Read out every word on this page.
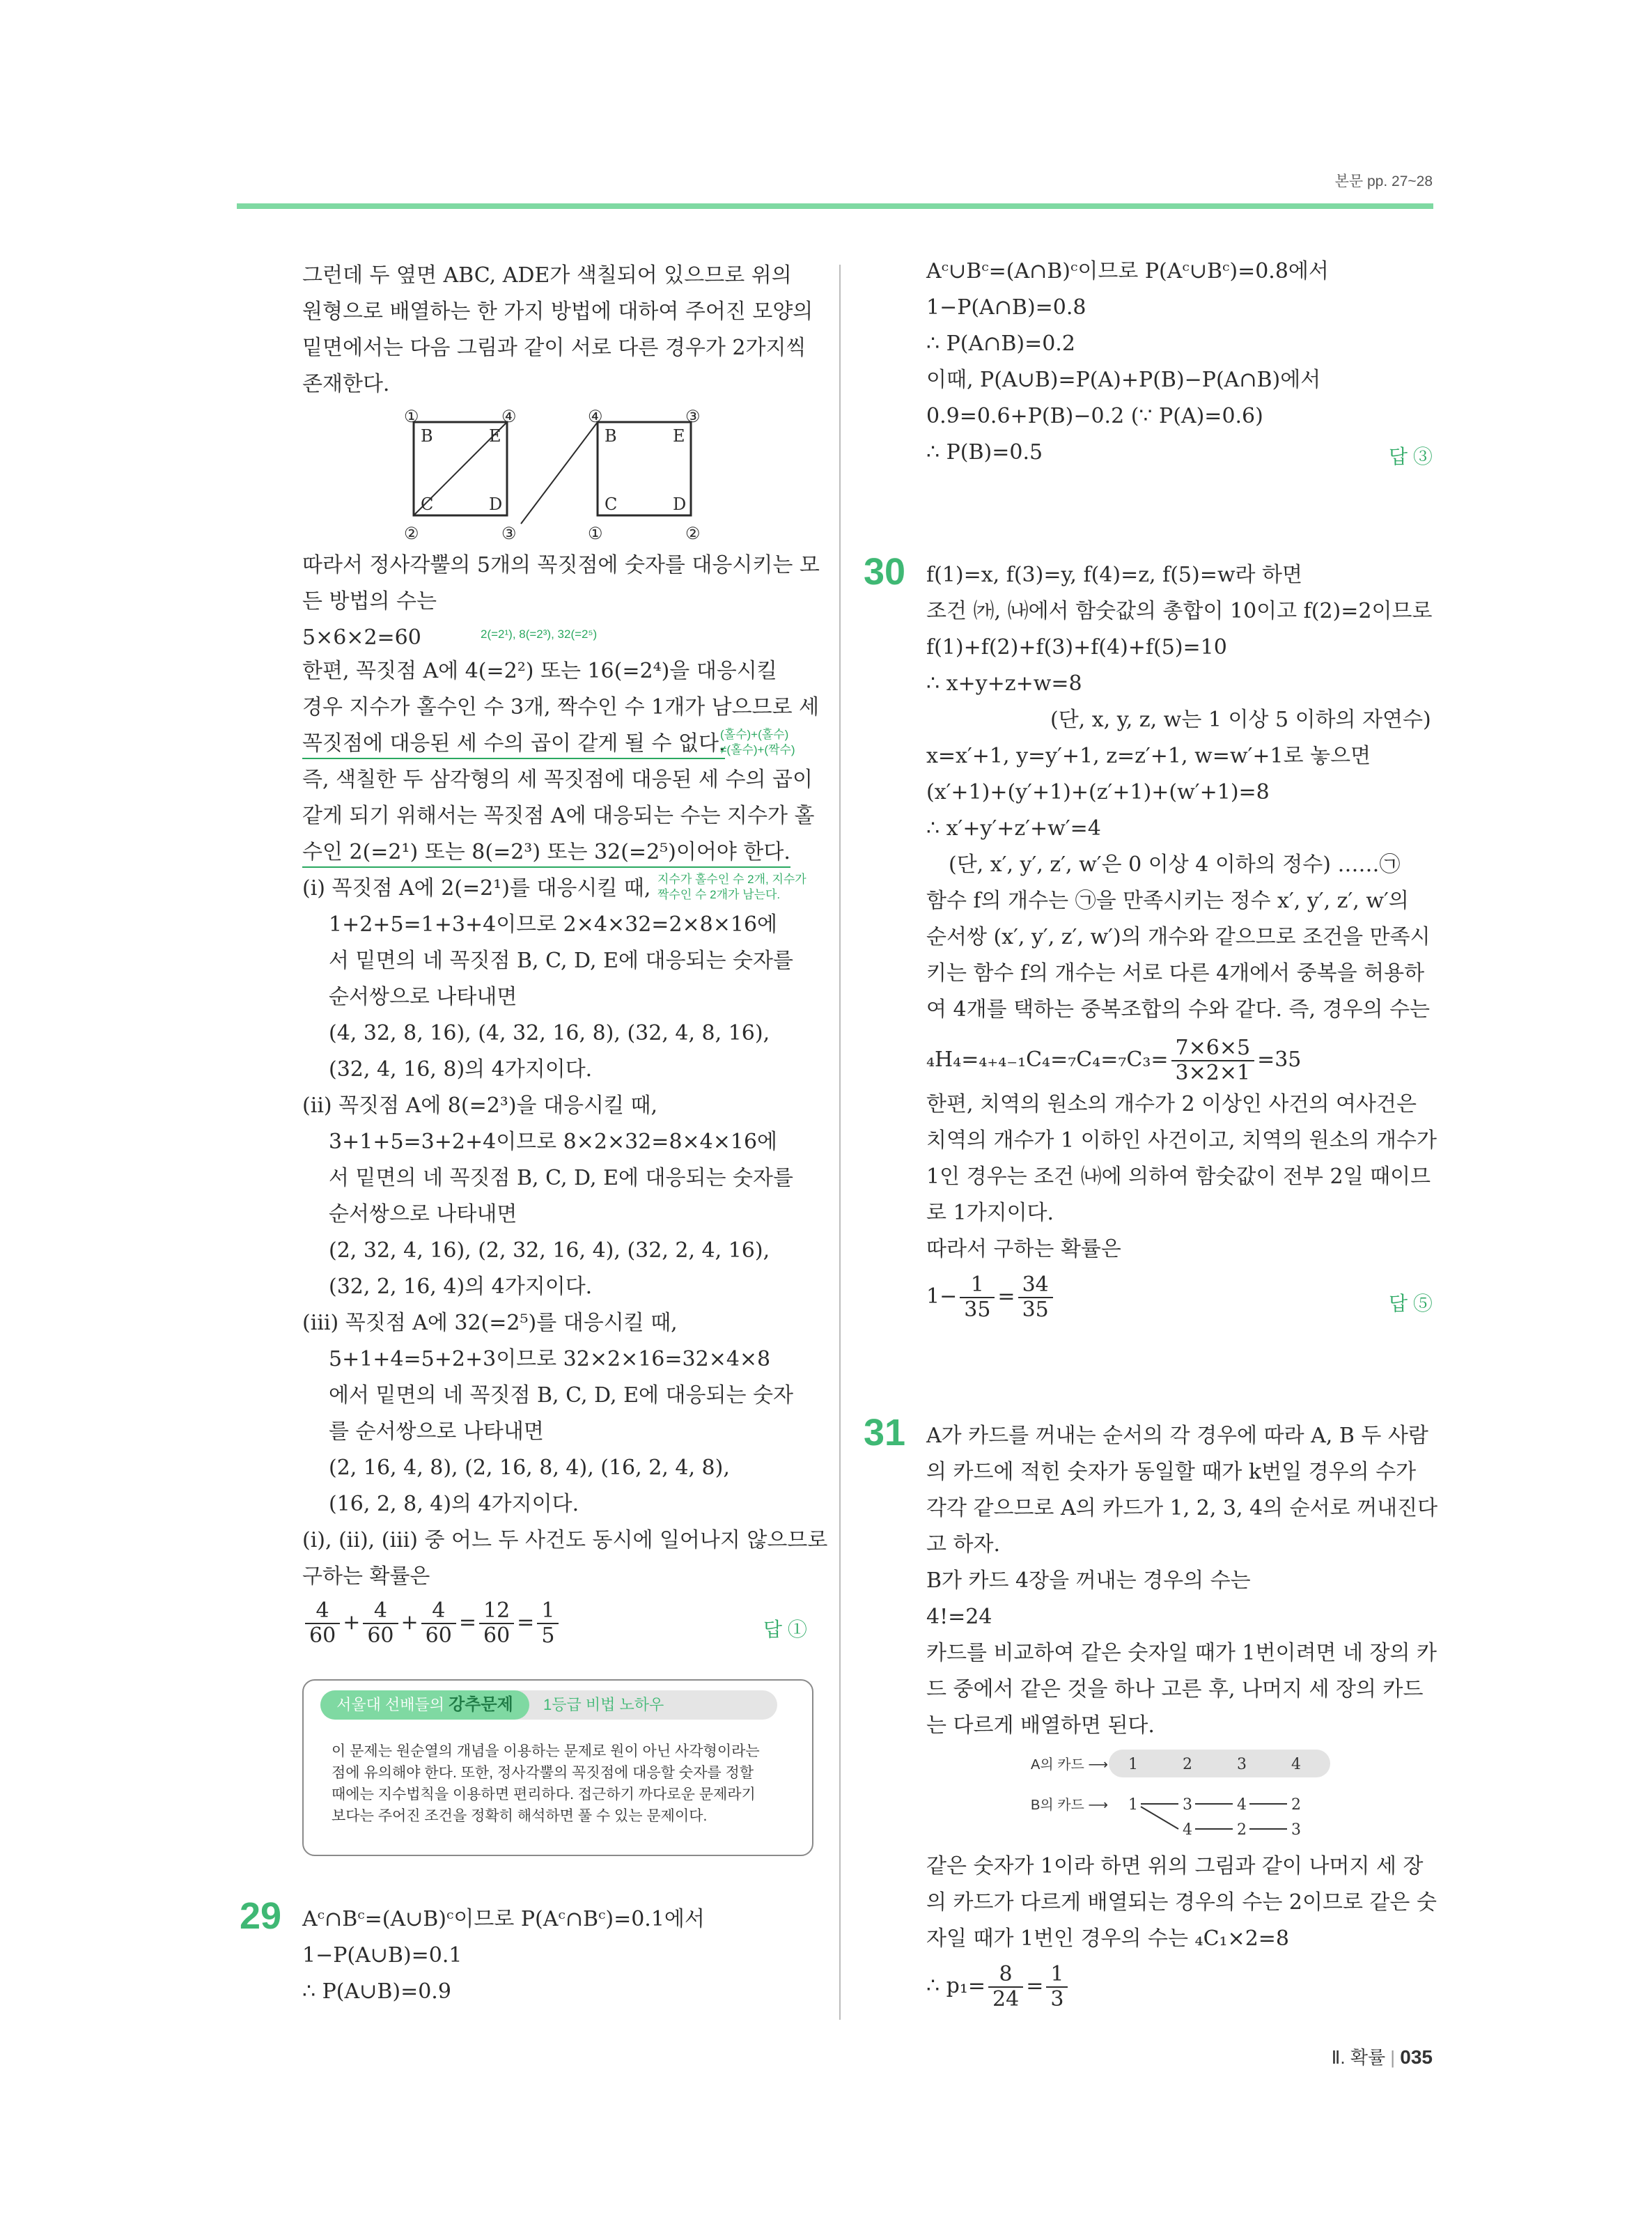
본문 pp. 27~28
그런데 두 옆면 ABC, ADE가 색칠되어 있으므로 위의
원형으로 배열하는 한 가지 방법에 대하여 주어진 모양의
밑면에서는 다음 그림과 같이 서로 다른 경우가 2가지씩
존재한다.
①	④
②	③
B	E
C	D
④	③
①	②
B	E
C	D
따라서 정사각뿔의 5개의 꼭짓점에 숫자를 대응시키는 모
든 방법의 수는
5×6×2=60	2(=2¹), 8(=2³), 32(=2⁵)
한편, 꼭짓점 A에 4(=2²) 또는 16(=2⁴)을 대응시킬
경우 지수가 홀수인 수 3개, 짝수인 수 1개가 남으므로 세
꼭짓점에 대응된 세 수의 곱이 같게 될 수 없다.
(홀수)+(홀수)
≠(홀수)+(짝수)
즉, 색칠한 두 삼각형의 세 꼭짓점에 대응된 세 수의 곱이
같게 되기 위해서는 꼭짓점 A에 대응되는 수는 지수가 홀
수인 2(=2¹) 또는 8(=2³) 또는 32(=2⁵)이어야 한다.
(ⅰ) 꼭짓점 A에 2(=2¹)를 대응시킬 때, 지수가 홀수인 수 2개, 지수가
짝수인 수 2개가 남는다.
1+2+5=1+3+4이므로 2×4×32=2×8×16에
서 밑면의 네 꼭짓점 B, C, D, E에 대응되는 숫자를
순서쌍으로 나타내면
(4, 32, 8, 16), (4, 32, 16, 8), (32, 4, 8, 16),
(32, 4, 16, 8)의 4가지이다.
(ⅱ) 꼭짓점 A에 8(=2³)을 대응시킬 때,
3+1+5=3+2+4이므로 8×2×32=8×4×16에
서 밑면의 네 꼭짓점 B, C, D, E에 대응되는 숫자를
순서쌍으로 나타내면
(2, 32, 4, 16), (2, 32, 16, 4), (32, 2, 4, 16),
(32, 2, 16, 4)의 4가지이다.
(ⅲ) 꼭짓점 A에 32(=2⁵)를 대응시킬 때,
5+1+4=5+2+3이므로 32×2×16=32×4×8
에서 밑면의 네 꼭짓점 B, C, D, E에 대응되는 숫자
를 순서쌍으로 나타내면
(2, 16, 4, 8), (2, 16, 8, 4), (16, 2, 4, 8),
(16, 2, 8, 4)의 4가지이다.
(ⅰ), (ⅱ), (ⅲ) 중 어느 두 사건도 동시에 일어나지 않으므로
구하는 확률은
$\frac{4}{60} + \frac{4}{60} + \frac{4}{60} = \frac{12}{60} = \frac{1}{5}$	답 ①
서울대 선배들의 강추문제	1등급 비법 노하우
이 문제는 원순열의 개념을 이용하는 문제로 원이 아닌 사각형이라는
점에 유의해야 한다. 또한, 정사각뿔의 꼭짓점에 대응할 숫자를 정할
때에는 지수법칙을 이용하면 편리하다. 접근하기 까다로운 문제라기
보다는 주어진 조건을 정확히 해석하면 풀 수 있는 문제이다.
29 Aᶜ∩Bᶜ=(A∪B)ᶜ이므로 P(Aᶜ∩Bᶜ)=0.1에서
1−P(A∪B)=0.1
∴ P(A∪B)=0.9
Aᶜ∪Bᶜ=(A∩B)ᶜ이므로 P(Aᶜ∪Bᶜ)=0.8에서
1−P(A∩B)=0.8
∴ P(A∩B)=0.2
이때, P(A∪B)=P(A)+P(B)−P(A∩B)에서
0.9=0.6+P(B)−0.2 (∵ P(A)=0.6)
∴ P(B)=0.5	답 ③
30 f(1)=x, f(3)=y, f(4)=z, f(5)=w라 하면
조건 ㈎, ㈏에서 함숫값의 총합이 10이고 f(2)=2이므로
f(1)+f(2)+f(3)+f(4)+f(5)=10
∴ x+y+z+w=8
(단, x, y, z, w는 1 이상 5 이하의 자연수)
x=x′+1, y=y′+1, z=z′+1, w=w′+1로 놓으면
(x′+1)+(y′+1)+(z′+1)+(w′+1)=8
∴ x′+y′+z′+w′=4
(단, x′, y′, z′, w′은 0 이상 4 이하의 정수) ……㉠
함수 f의 개수는 ㉠을 만족시키는 정수 x′, y′, z′, w′의
순서쌍 (x′, y′, z′, w′)의 개수와 같으므로 조건을 만족시
키는 함수 f의 개수는 서로 다른 4개에서 중복을 허용하
여 4개를 택하는 중복조합의 수와 같다. 즉, 경우의 수는
$_4H_4=_{4+4-1}C_4=_7C_4=_7C_3= \frac{7\times 6\times 5}{3\times 2\times 1} =35$
한편, 치역의 원소의 개수가 2 이상인 사건의 여사건은
치역의 개수가 1 이하인 사건이고, 치역의 원소의 개수가
1인 경우는 조건 ㈏에 의하여 함숫값이 전부 2일 때이므
로 1가지이다.
따라서 구하는 확률은
$1- \frac{1}{35} = \frac{34}{35}$	답 ⑤
31 A가 카드를 꺼내는 순서의 각 경우에 따라 A, B 두 사람
의 카드에 적힌 숫자가 동일할 때가 k번일 경우의 수가
각각 같으므로 A의 카드가 1, 2, 3, 4의 순서로 꺼내진다
고 하자.
B가 카드 4장을 꺼내는 경우의 수는
4!=24
카드를 비교하여 같은 숫자일 때가 1번이려면 네 장의 카
드 중에서 같은 것을 하나 고른 후, 나머지 세 장의 카드
는 다르게 배열하면 된다.
A의 카드 ⟶
B의 카드 ⟶
1	2	3	4
1	3	4	2
4	2	3
같은 숫자가 1이라 하면 위의 그림과 같이 나머지 세 장
의 카드가 다르게 배열되는 경우의 수는 2이므로 같은 숫
자일 때가 1번인 경우의 수는 ₄C₁×2=8
∴ $p_1= \frac{8}{24} = \frac{1}{3}$
Ⅱ. 확률 | 035
